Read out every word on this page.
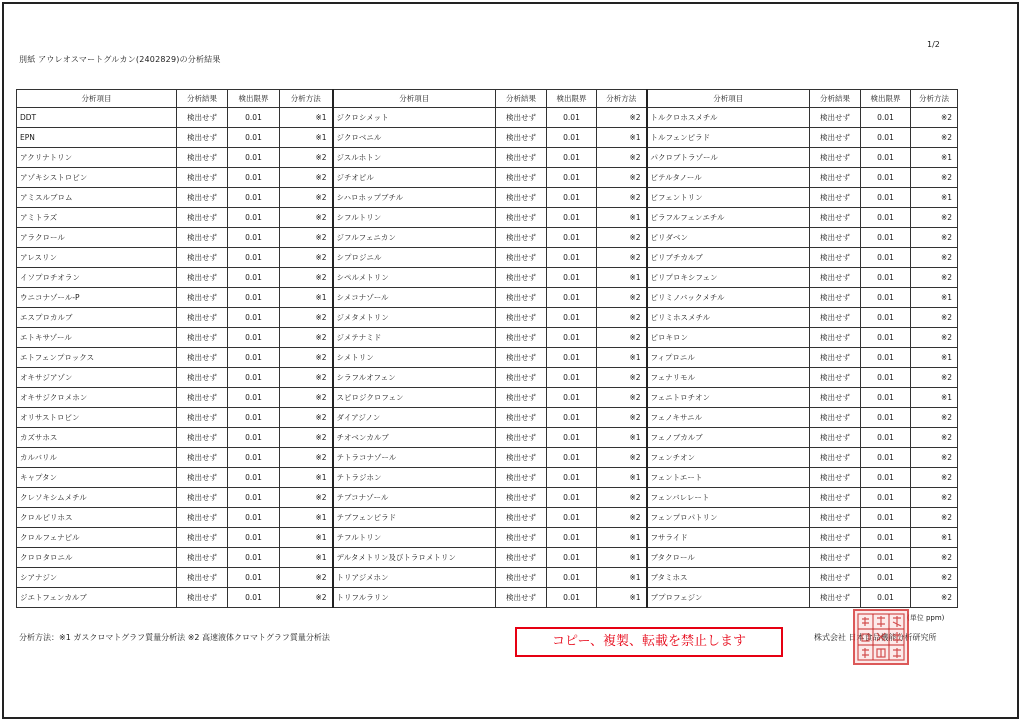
1/2
別紙 アウレオスマートグルカン(2402829)の分析結果
分析項目	分析結果	検出限界	分析方法	分析項目	分析結果	検出限界	分析方法	分析項目	分析結果	検出限界	分析方法
DDT	検出せず	0.01	※1	ジクロシメット	検出せず	0.01	※2	トルクロホスメチル	検出せず	0.01	※2
EPN	検出せず	0.01	※1	ジクロベニル	検出せず	0.01	※1	トルフェンピラド	検出せず	0.01	※2
アクリナトリン	検出せず	0.01	※2	ジスルホトン	検出せず	0.01	※2	パクロブトラゾール	検出せず	0.01	※1
アゾキシストロビン	検出せず	0.01	※2	ジチオピル	検出せず	0.01	※2	ビテルタノール	検出せず	0.01	※2
アミスルブロム	検出せず	0.01	※2	シハロホップブチル	検出せず	0.01	※2	ビフェントリン	検出せず	0.01	※1
アミトラズ	検出せず	0.01	※2	シフルトリン	検出せず	0.01	※1	ピラフルフェンエチル	検出せず	0.01	※2
アラクロール	検出せず	0.01	※2	ジフルフェニカン	検出せず	0.01	※2	ピリダベン	検出せず	0.01	※2
アレスリン	検出せず	0.01	※2	シプロジニル	検出せず	0.01	※2	ピリブチカルブ	検出せず	0.01	※2
イソプロチオラン	検出せず	0.01	※2	シペルメトリン	検出せず	0.01	※1	ピリプロキシフェン	検出せず	0.01	※2
ウニコナゾール-P	検出せず	0.01	※1	シメコナゾール	検出せず	0.01	※2	ピリミノバックメチル	検出せず	0.01	※1
エスプロカルブ	検出せず	0.01	※2	ジメタメトリン	検出せず	0.01	※2	ピリミホスメチル	検出せず	0.01	※2
エトキサゾール	検出せず	0.01	※2	ジメテナミド	検出せず	0.01	※2	ピロキロン	検出せず	0.01	※2
エトフェンプロックス	検出せず	0.01	※2	シメトリン	検出せず	0.01	※1	フィプロニル	検出せず	0.01	※1
オキサジアゾン	検出せず	0.01	※2	シラフルオフェン	検出せず	0.01	※2	フェナリモル	検出せず	0.01	※2
オキサジクロメホン	検出せず	0.01	※2	スピロジクロフェン	検出せず	0.01	※2	フェニトロチオン	検出せず	0.01	※1
オリサストロビン	検出せず	0.01	※2	ダイアジノン	検出せず	0.01	※2	フェノキサニル	検出せず	0.01	※2
カズサホス	検出せず	0.01	※2	チオベンカルブ	検出せず	0.01	※1	フェノブカルブ	検出せず	0.01	※2
カルバリル	検出せず	0.01	※2	テトラコナゾール	検出せず	0.01	※2	フェンチオン	検出せず	0.01	※2
キャプタン	検出せず	0.01	※1	テトラジホン	検出せず	0.01	※1	フェントエート	検出せず	0.01	※2
クレソキシムメチル	検出せず	0.01	※2	テブコナゾール	検出せず	0.01	※2	フェンバレレート	検出せず	0.01	※2
クロルピリホス	検出せず	0.01	※1	テブフェンピラド	検出せず	0.01	※2	フェンプロパトリン	検出せず	0.01	※2
クロルフェナピル	検出せず	0.01	※1	テフルトリン	検出せず	0.01	※1	フサライド	検出せず	0.01	※1
クロロタロニル	検出せず	0.01	※1	デルタメトリン及びトラロメトリン	検出せず	0.01	※1	ブタクロール	検出せず	0.01	※2
シアナジン	検出せず	0.01	※2	トリアジメホン	検出せず	0.01	※1	ブタミホス	検出せず	0.01	※2
ジエトフェンカルブ	検出せず	0.01	※2	トリフルラリン	検出せず	0.01	※1	ブプロフェジン	検出せず	0.01	※2
(単位 ppm)
分析方法：※1 ガスクロマトグラフ質量分析法 ※2 高速液体クロマトグラフ質量分析法	コピー、複製、転載を禁止します	株式会社 日本食品機能分析研究所
